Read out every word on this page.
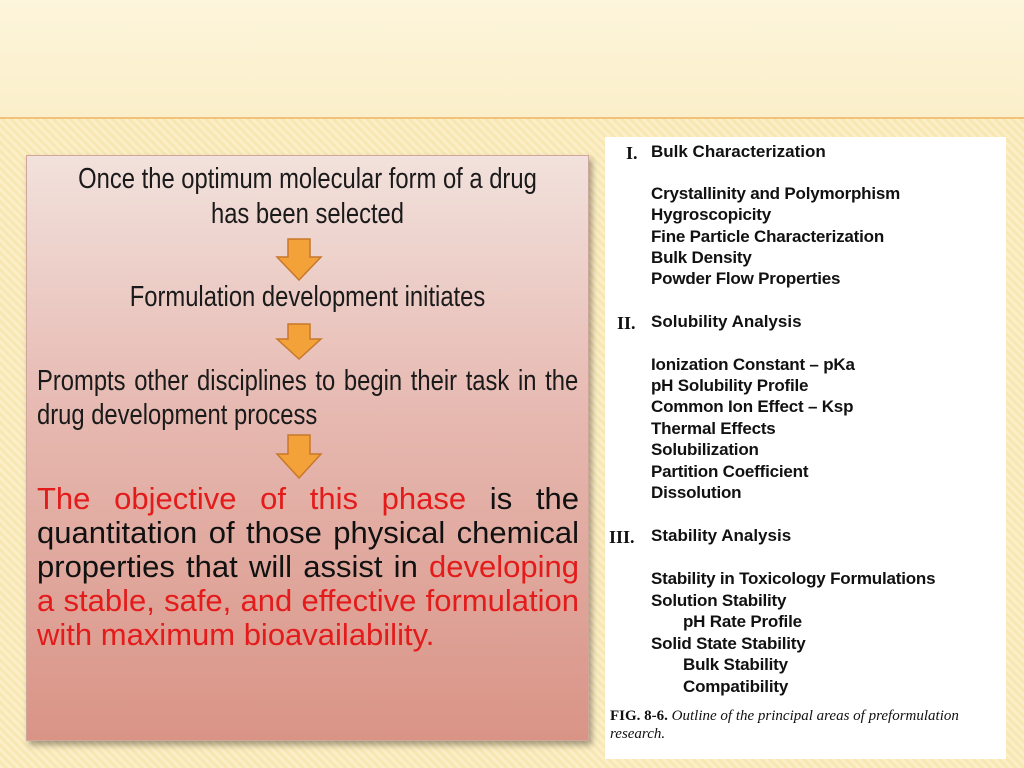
Once the optimum molecular form of a drug has been selected
Formulation development initiates
Prompts other disciplines to begin their task in the drug development process
The objective of this phase is the quantitation of those physical chemical properties that will assist in developing a stable, safe, and effective formulation with maximum bioavailability.
I. Bulk Characterization
Crystallinity and Polymorphism
Hygroscopicity
Fine Particle Characterization
Bulk Density
Powder Flow Properties
II. Solubility Analysis
Ionization Constant – pKa
pH Solubility Profile
Common Ion Effect – Ksp
Thermal Effects
Solubilization
Partition Coefficient
Dissolution
III. Stability Analysis
Stability in Toxicology Formulations
Solution Stability
pH Rate Profile
Solid State Stability
Bulk Stability
Compatibility
FIG. 8-6. Outline of the principal areas of preformulation research.
